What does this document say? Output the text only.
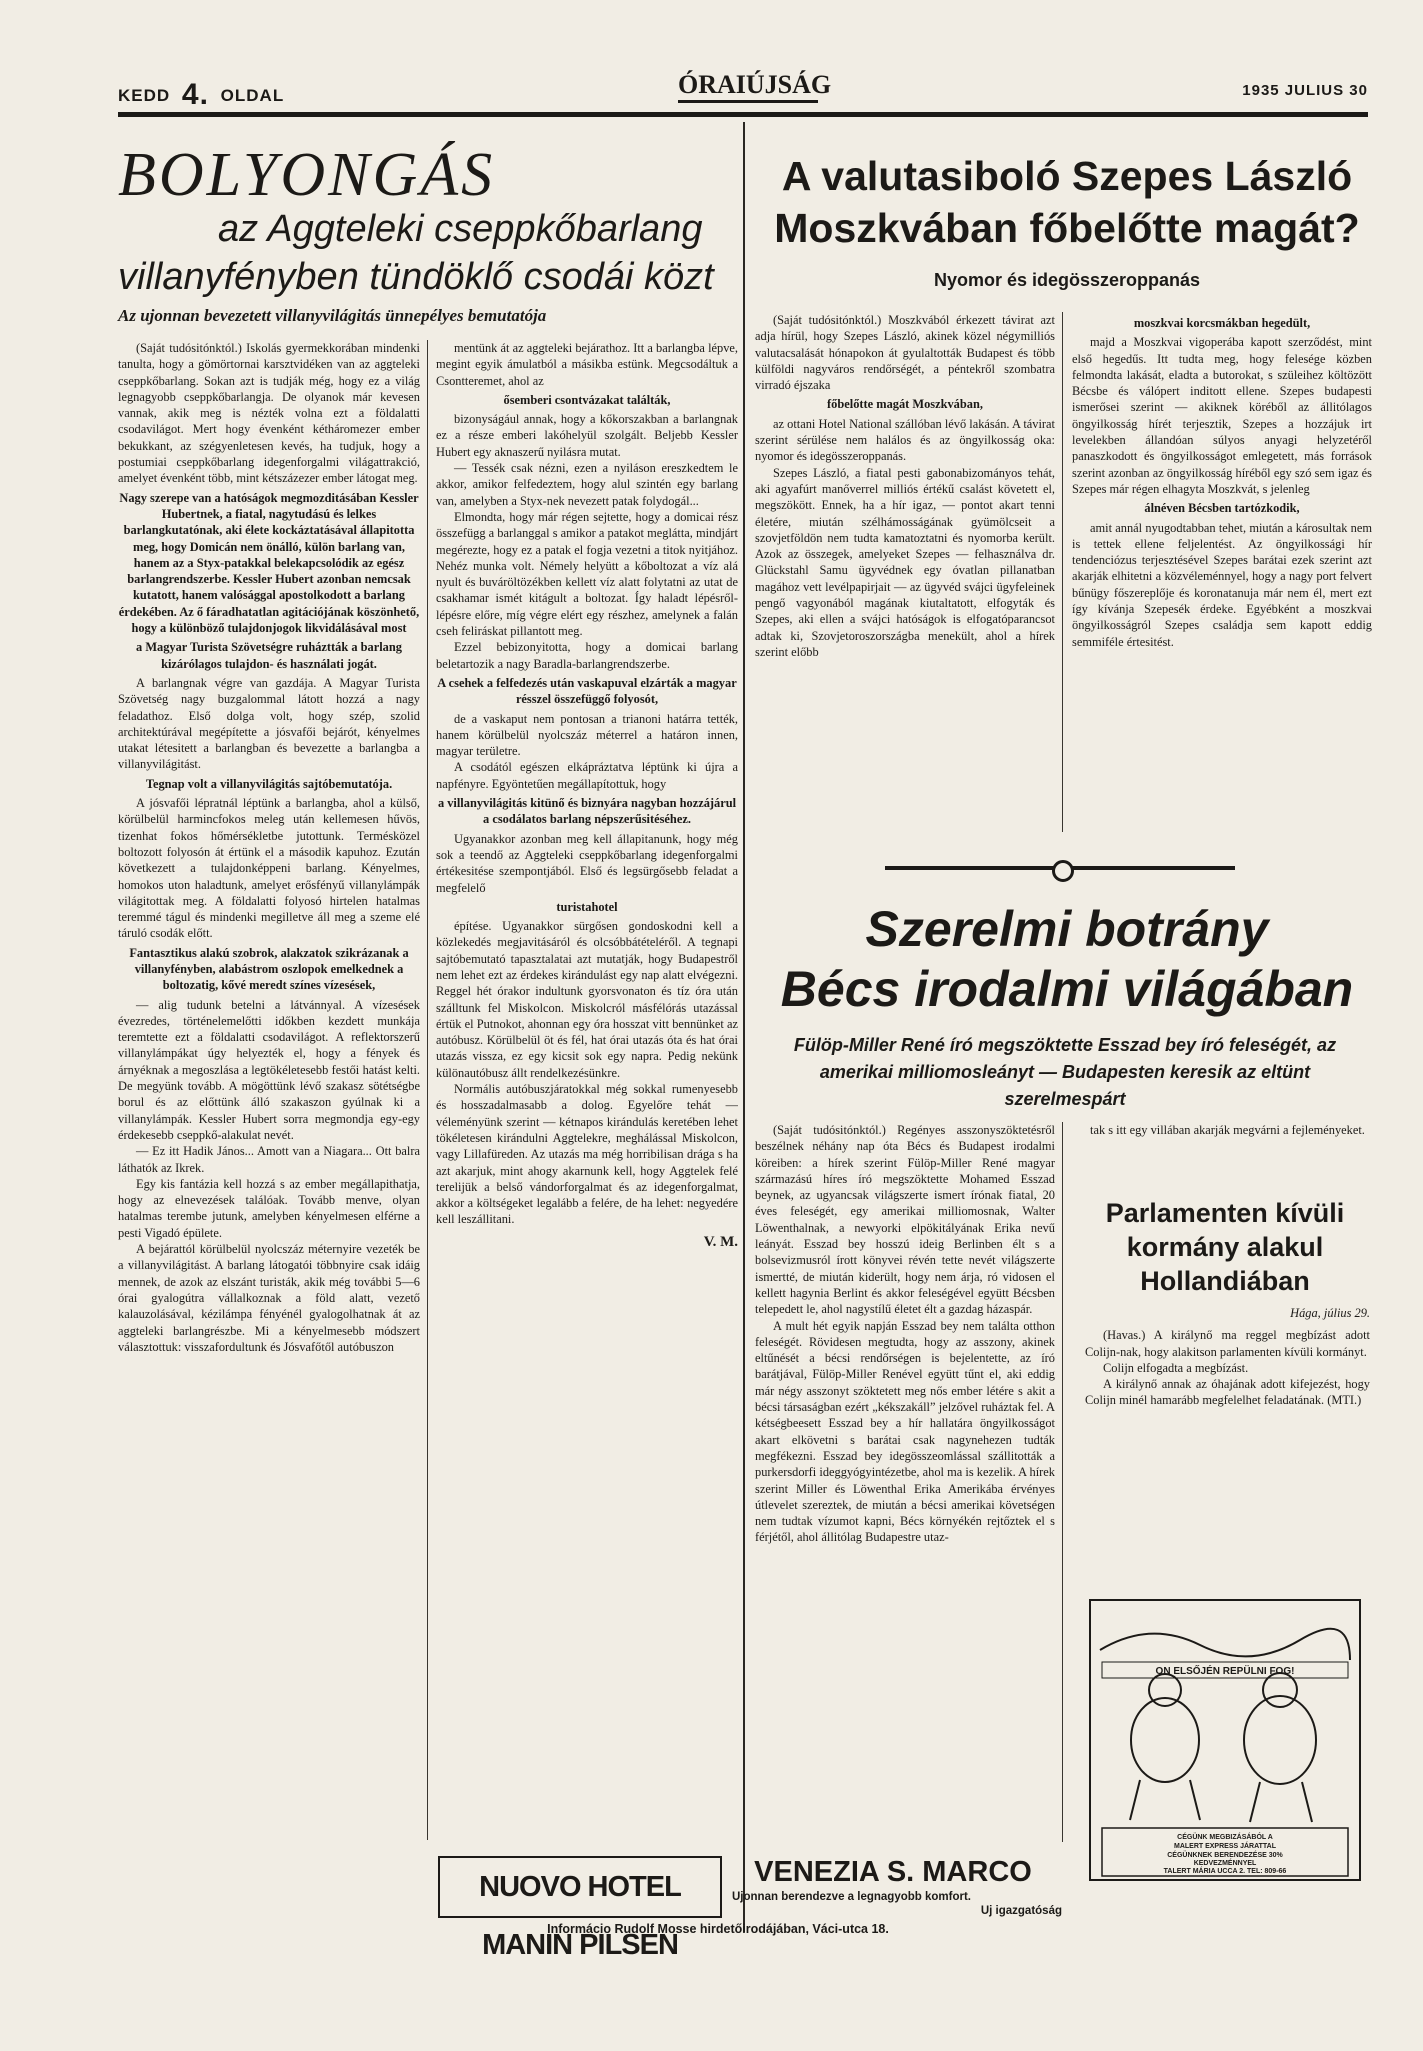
KEDD 4. OLDAL	ÓRAIÚJSÁG	1935 JULIUS 30
BOLYONGÁS
az Aggteleki cseppkőbarlang
villanyfényben tündöklő csodái közt
Az ujonnan bevezetett villanyvilágitás ünnepélyes bemutatója

(Saját tudósitónktól.) Iskolás gyermekkorában mindenki tanulta, hogy a gömörtornai karsztvidéken van az aggteleki cseppkőbarlang. Sokan azt is tudják még, hogy ez a világ legnagyobb cseppkőbarlangja. De olyanok már kevesen vannak, akik meg is nézték volna ezt a földalatti csodavilágot. Mert hogy évenként kétháromezer ember bekukkant, az szégyenletesen kevés, ha tudjuk, hogy a postumiai cseppkőbarlang idegenforgalmi világattrakció, amelyet évenként több, mint kétszázezer ember látogat meg.

Nagy szerepe van a hatóságok megmozditásában Kessler Hubertnek, a fiatal, nagytudású és lelkes barlangkutatónak, aki élete kockáztatásával állapitotta meg, hogy Domicán nem önálló, külön barlang van, hanem az a Styx-patakkal belekapcsolódik az egész barlangrendszerbe. Kessler Hubert azonban nemcsak kutatott, hanem valósággal apostolkodott a barlang érdekében. Az ő fáradhatatlan agitációjának köszönhető, hogy a különböző tulajdonjogok likvidálásával most

a Magyar Turista Szövetségre ruháztták a barlang kizárólagos tulajdon- és használati jogát.

A barlangnak végre van gazdája. A Magyar Turista Szövetség nagy buzgalommal látott hozzá a nagy feladathoz. Első dolga volt, hogy szép, szolid architektúrával megépítette a jósvafői bejárót, kényelmes utakat létesitett a barlangban és bevezette a barlangba a villanyvilágitást.

Tegnap volt a villanyvilágitás sajtóbemutatója.

A jósvafői lépratnál léptünk a barlangba, ahol a külső, körülbelül harmincfokos meleg után kellemesen hűvös, tizenhat fokos hőmérsékletbe jutottunk. Termésközel boltozott folyosón át értünk el a második kapuhoz. Ezután következett a tulajdonképpeni barlang. Kényelmes, homokos uton haladtunk, amelyet erősfényű villanylámpák világitottak meg. A földalatti folyosó hirtelen hatalmas teremmé tágul és mindenki megilletve áll meg a szeme elé táruló csodák előtt.

Fantasztikus alakú szobrok, alakzatok szikrázanak a villanyfényben, alabástrom oszlopok emelkednek a boltozatig, kővé meredt színes vízesések,

— alig tudunk betelni a látvánnyal. A vízesések évezredes, történelemelőtti időkben kezdett munkája teremtette ezt a földalatti csodavilágot. A reflektorszerű villanylámpákat úgy helyezték el, hogy a fények és árnyéknak a megoszlása a legtökéletesebb festői hatást kelti. De megyünk tovább. A mögöttünk lévő szakasz sötétségbe borul és az előttünk álló szakaszon gyúlnak ki a villanylámpák. Kessler Hubert sorra megmondja egy-egy érdekesebb cseppkő-alakulat nevét.

— Ez itt Hadik János... Amott van a Niagara... Ott balra láthatók az Ikrek.

Egy kis fantázia kell hozzá s az ember megállapithatja, hogy az elnevezések találóak. Tovább menve, olyan hatalmas terembe jutunk, amelyben kényelmesen elférne a pesti Vigadó épülete.

A bejárattól körülbelül nyolcszáz méternyire vezeték be a villanyvilágitást. A barlang látogatói többnyire csak idáig mennek, de azok az elszánt turisták, akik még további 5—6 órai gyalogútra vállalkoznak a föld alatt, vezető kalauzolásával, kézilámpa fényénél gyalogolhatnak át az aggteleki barlangrészbe. Mi a kényelmesebb módszert választottuk: visszafordultunk és Jósvafőtől autóbuszon

mentünk át az aggteleki bejárathoz. Itt a barlangba lépve, megint egyik ámulatból a másikba estünk. Megcsodáltuk a Csontteremet, ahol az

ősemberi csontvázakat találták,

bizonyságául annak, hogy a kőkorszakban a barlangnak ez a része emberi lakóhelyül szolgált. Beljebb Kessler Hubert egy aknaszerű nyilásra mutat.

— Tessék csak nézni, ezen a nyiláson ereszkedtem le akkor, amikor felfedeztem, hogy alul szintén egy barlang van, amelyben a Styx-nek nevezett patak folydogál...

Elmondta, hogy már régen sejtette, hogy a domicai rész összefügg a barlanggal s amikor a patakot meglátta, mindjárt megérezte, hogy ez a patak el fogja vezetni a titok nyitjához. Nehéz munka volt. Némely helyütt a kőboltozat a víz alá nyult és buváröltözékben kellett víz alatt folytatni az utat de csakhamar ismét kitágult a boltozat. Így haladt lépésről-lépésre előre, míg végre elért egy részhez, amelynek a falán cseh feliráskat pillantott meg.

Ezzel bebizonyitotta, hogy a domicai barlang beletartozik a nagy Baradla-barlangrendszerbe.

A csehek a felfedezés után vaskapuval elzárták a magyar résszel összefüggő folyosót,

de a vaskaput nem pontosan a trianoni határra tették, hanem körülbelül nyolcszáz méterrel a határon innen, magyar területre.

A csodától egészen elkápráztatva léptünk ki újra a napfényre. Egyöntetűen megállapítottuk, hogy

a villanyvilágitás kitünő és biznyára nagyban hozzájárul a csodálatos barlang népszerűsitéséhez.

Ugyanakkor azonban meg kell állapitanunk, hogy még sok a teendő az Aggteleki cseppkőbarlang idegenforgalmi értékesitése szempontjából. Első és legsürgősebb feladat a megfelelő

turistahotel

építése. Ugyanakkor sürgősen gondoskodni kell a közlekedés megjavitásáról és olcsóbbátételéről. A tegnapi sajtóbemutató tapasztalatai azt mutatják, hogy Budapestről nem lehet ezt az érdekes kirándulást egy nap alatt elvégezni. Reggel hét órakor indultunk gyorsvonaton és tíz óra után szálltunk fel Miskolcon. Miskolcról másfélórás utazással értük el Putnokot, ahonnan egy óra hosszat vitt bennünket az autóbusz. Körülbelül öt és fél, hat órai utazás óta és hat órai utazás vissza, ez egy kicsit sok egy napra. Pedig nekünk különautóbusz állt rendelkezésünkre.

Normális autóbuszjáratokkal még sokkal rumenyesebb és hosszadalmasabb a dolog. Egyelőre tehát — véleményünk szerint — kétnapos kirándulás keretében lehet tökéletesen kirándulni Aggtelekre, meghálással Miskolcon, vagy Lillafüreden. Az utazás ma még horribilisan drága s ha azt akarjuk, mint ahogy akarnunk kell, hogy Aggtelek felé terelijük a belső vándorforgalmat és az idegenforgalmat, akkor a költségeket legalább a felére, de ha lehet: negyedére kell leszállitani.

V. M.

A valutasiboló Szepes László
Moszkvában főbelőtte magát?
Nyomor és idegösszeroppanás

(Saját tudósitónktól.) Moszkvából érkezett távirat azt adja hírül, hogy Szepes László, akinek közel négymilliós valutacsalását hónapokon át gyulaltották Budapest és több külföldi nagyváros rendőrségét, a péntekről szombatra virradó éjszaka

főbelőtte magát Moszkvában,

az ottani Hotel National szállóban lévő lakásán. A távirat szerint sérülése nem halálos és az öngyilkosság oka: nyomor és idegösszeroppanás.

Szepes László, a fiatal pesti gabonabizományos tehát, aki agyafúrt manőverrel milliós értékű csalást követett el, megszökött. Ennek, ha a hír igaz, — pontot akart tenni életére, miután szélhámosságának gyümölcseit a szovjetföldön nem tudta kamatoztatni és nyomorba került. Azok az összegek, amelyeket Szepes — felhasználva dr. Glückstahl Samu ügyvédnek egy óvatlan pillanatban magához vett levélpapirjait — az ügyvéd svájci ügyfeleinek pengő vagyonából magának kiutaltatott, elfogyták és Szepes, aki ellen a svájci hatóságok is elfogatóparancsot adtak ki, Szovjetoroszországba menekült, ahol a hírek szerint előbb

moszkvai korcsmákban hegedült,

majd a Moszkvai vigoperába kapott szerződést, mint első hegedűs. Itt tudta meg, hogy felesége közben felmondta lakását, eladta a butorokat, s szüleihez költözött Bécsbe és válópert inditott ellene. Szepes budapesti ismerősei szerint — akiknek köréből az állitólagos öngyilkosság hírét terjesztik, Szepes a hozzájuk irt levelekben állandóan súlyos anyagi helyzetéről panaszkodott és öngyilkosságot emlegetett, más források szerint azonban az öngyilkosság híréből egy szó sem igaz és Szepes már régen elhagyta Moszkvát, s jelenleg

álnéven Bécsben tartózkodik,

amit annál nyugodtabban tehet, miután a károsultak nem is tettek ellene feljelentést. Az öngyilkossági hír tendenciózus terjesztésével Szepes barátai ezek szerint azt akarják elhitetni a közvéleménnyel, hogy a nagy port felvert bűnügy főszereplője és koronatanuja már nem él, mert ezt így kívánja Szepesék érdeke. Egyébként a moszkvai öngyilkosságról Szepes családja sem kapott eddig semmiféle értesitést.

Szerelmi botrány
Bécs irodalmi világában
Fülöp-Miller René író megszöktette Esszad bey író feleségét, az amerikai milliomosleányt — Budapesten keresik az eltünt szerelmespárt

(Saját tudósitónktól.) Regényes asszonyszöktetésről beszélnek néhány nap óta Bécs és Budapest irodalmi köreiben: a hírek szerint Fülöp-Miller René magyar származású híres író megszöktette Mohamed Esszad beynek, az ugyancsak világszerte ismert írónak fiatal, 20 éves feleségét, egy amerikai milliomosnak, Walter Löwenthalnak, a newyorki elpökitályának Erika nevű leányát. Esszad bey hosszú ideig Berlinben élt s a bolsevizmusról írott könyvei révén tette nevét világszerte ismertté, de miután kiderült, hogy nem árja, ró vidosen el kellett hagynia Berlint és akkor feleségével együtt Bécsben telepedett le, ahol nagystílű életet élt a gazdag házaspár.

A mult hét egyik napján Esszad bey nem találta otthon feleségét. Rövidesen megtudta, hogy az asszony, akinek eltűnését a bécsi rendőrségen is bejelentette, az író barátjával, Fülöp-Miller Renével együtt tűnt el, aki eddig már négy asszonyt szöktetett meg nős ember létére s akit a bécsi társaságban ezért „kékszakáll” jelzővel ruháztak fel. A kétségbeesett Esszad bey a hír hallatára öngyilkosságot akart elkövetni s barátai csak nagynehezen tudták megfékezni. Esszad bey idegösszeomlással szállitották a purkersdorfi ideggyógyintézetbe, ahol ma is kezelik. A hírek szerint Miller és Löwenthal Erika Amerikába érvényes útlevelet szereztek, de miután a bécsi amerikai követségen nem tudtak vízumot kapni, Bécs környékén rejtőztek el s férjétől, ahol állitólag Budapestre utaz-

tak s itt egy villában akarják megvárni a fejleményeket.

Parlamenten kívüli kormány alakul Hollandiában

Hága, július 29.

(Havas.) A királynő ma reggel megbízást adott Colijn-nak, hogy alakitson parlamenten kívüli kormányt.

Colijn elfogadta a megbízást.

A királynő annak az óhajának adott kifejezést, hogy Colijn minél hamarább megfelelhet feladatának. (MTI.)

ON ELSŐJÉN REPÜLNI FOG!
CÉGÜNK MEGBIZÁSÁBÓL A
MALERT EXPRESS JÁRATTAL
CÉGÜNKNEK BERENDEZÉSE 30%
KEDVEZMÉNNYEL
TALERT MÁRIA UCCA 2. TEL: 809-66
NUOVO HOTEL MANIN PILSEN
VENEZIA S. MARCO
Ujonnan berendezve a legnagyobb komfort.
Uj igazgatóság
Informácio Rudolf Mosse hirdetőirodájában, Váci-utca 18.
